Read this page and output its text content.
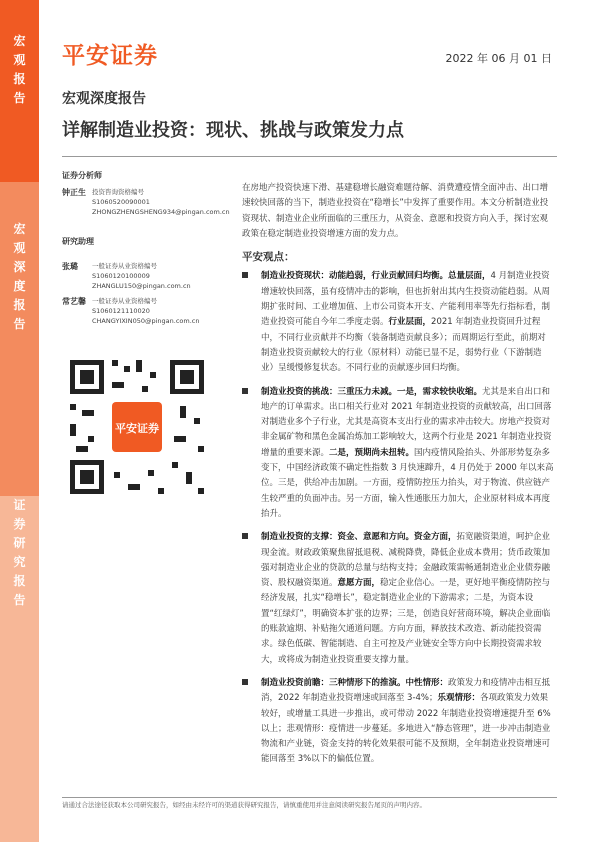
宏
观
报
告
宏
观
深
度
报
告
证
券
研
究
报
告
平安证券	2022 年 06 月 01 日
宏观深度报告
详解制造业投资：现状、挑战与政策发力点
证券分析师
钟正生 投资咨询资格编号
S1060520090001
ZHONGZHENGSHENG934@pingan.com.cn
研究助理
张璐	一般证券从业资格编号
S1060120100009
ZHANGLU150@pingan.com.cn
常艺馨 一般证券从业资格编号
S1060121110020
CHANGYIXIN050@pingan.com.cn
平安证券

在房地产投资快速下滑、基建稳增长融资难题待解、消费遭疫情全面冲击、出口增速较快回落的当下，制造业投资在“稳增长”中发挥了重要作用。本文分析制造业投资现状、制造业企业所面临的三重压力，从资金、意愿和投资方向入手，探讨宏观政策在稳定制造业投资增速方面的发力点。

平安观点：
制造业投资现状：动能趋弱，行业贡献回归均衡。总量层面，4 月制造业投资增速较快回落，虽有疫情冲击的影响，但也折射出其内生投资动能趋弱。从周期扩张时间、工业增加值、上市公司资本开支、产能利用率等先行指标看，制造业投资可能自今年二季度走弱。行业层面，2021 年制造业投资回升过程中，不同行业贡献并不均衡（装备制造贡献良多）；而周期运行至此，前期对制造业投资贡献较大的行业（原材料）动能已显不足，弱势行业（下游制造业）呈缓慢修复状态。不同行业的贡献逐步回归均衡。
制造业投资的挑战：三重压力未减。一是，需求较快收缩。尤其是来自出口和地产的订单需求。出口相关行业对 2021 年制造业投资的贡献较高，出口回落对制造业多个子行业，尤其是高资本支出行业的需求冲击较大。房地产投资对非金属矿物和黑色金属冶炼加工影响较大，这两个行业是 2021 年制造业投资增量的重要来源。二是，预期尚未扭转。国内疫情风险抬头、外部形势复杂多变下，中国经济政策不确定性指数 3 月快速蹿升，4 月仍处于 2000 年以来高位。三是，供给冲击加剧。一方面，疫情防控压力抬头，对于物流、供应链产生较严重的负面冲击。另一方面，输入性通胀压力加大，企业原材料成本再度抬升。
制造业投资的支撑：资金、意愿和方向。资金方面，拓宽融资渠道，呵护企业现金流。财政政策聚焦留抵退税、减税降费，降低企业成本费用；货币政策加强对制造业企业的贷款的总量与结构支持；金融政策需畅通制造业企业债券融资、股权融资渠道。意愿方面，稳定企业信心。一是，更好地平衡疫情防控与经济发展，扎实“稳增长”，稳定制造业企业的下游需求；二是，为资本设置“红绿灯”，明确资本扩张的边界；三是，创造良好营商环境，解决企业面临的账款逾期、补贴拖欠通道问题。方向方面，释放技术改造、新动能投资需求。绿色低碳、智能制造、自主可控及产业链安全等方向中长期投资需求较大，或将成为制造业投资重要支撑力量。
制造业投资前瞻：三种情形下的推演。中性情形：政策发力和疫情冲击相互抵消，2022 年制造业投资增速或回落至 3-4%；乐观情形：各项政策发力效果较好，或增量工具进一步推出，或可带动 2022 年制造业投资增速提升至 6%以上；悲观情形：疫情进一步蔓延。多地进入“静态管理”，进一步冲击制造业物流和产业链，资金支持的转化效果很可能不及预期，全年制造业投资增速可能回落至 3%以下的偏低位置。
请通过合法途径获取本公司研究报告，如经由未经许可的渠道获得研究报告，请慎重使用并注意阅读研究报告尾页的声明内容。
